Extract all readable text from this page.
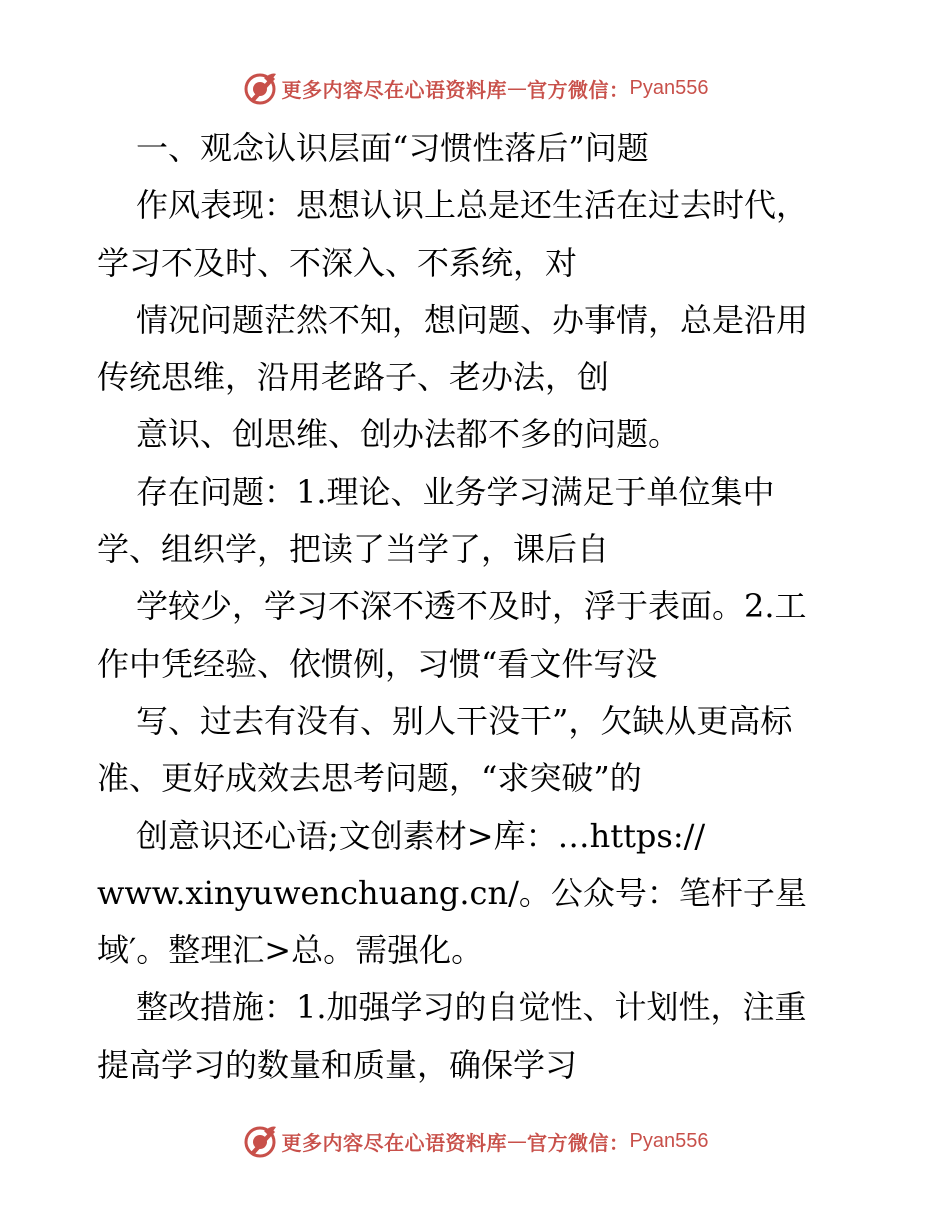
更多内容尽在心语资料库 — 官方微信： Pyan556
一、观念认识层面“习惯性落后”问题
作风表现：思想认识上总是还生活在过去时代，
学习不及时、不深入、不系统，对
情况问题茫然不知，想问题、办事情，总是沿用
传统思维，沿用老路子、老办法，创
意识、创思维、创办法都不多的问题。
存在问题：1.理论、业务学习满足于单位集中
学、组织学，把读了当学了，课后自
学较少，学习不深不透不及时，浮于表面。2.工
作中凭经验、依惯例，习惯“看文件写没
写、过去有没有、别人干没干”，欠缺从更高标
准、更好成效去思考问题，“求突破”的
创意识还心语;文创素材>库：…https://
www.xinyuwenchuang.cn/。公众号：笔杆子星
域′。整理汇>总。需强化。
整改措施：1.加强学习的自觉性、计划性，注重
提高学习的数量和质量，确保学习
更多内容尽在心语资料库 — 官方微信： Pyan556
